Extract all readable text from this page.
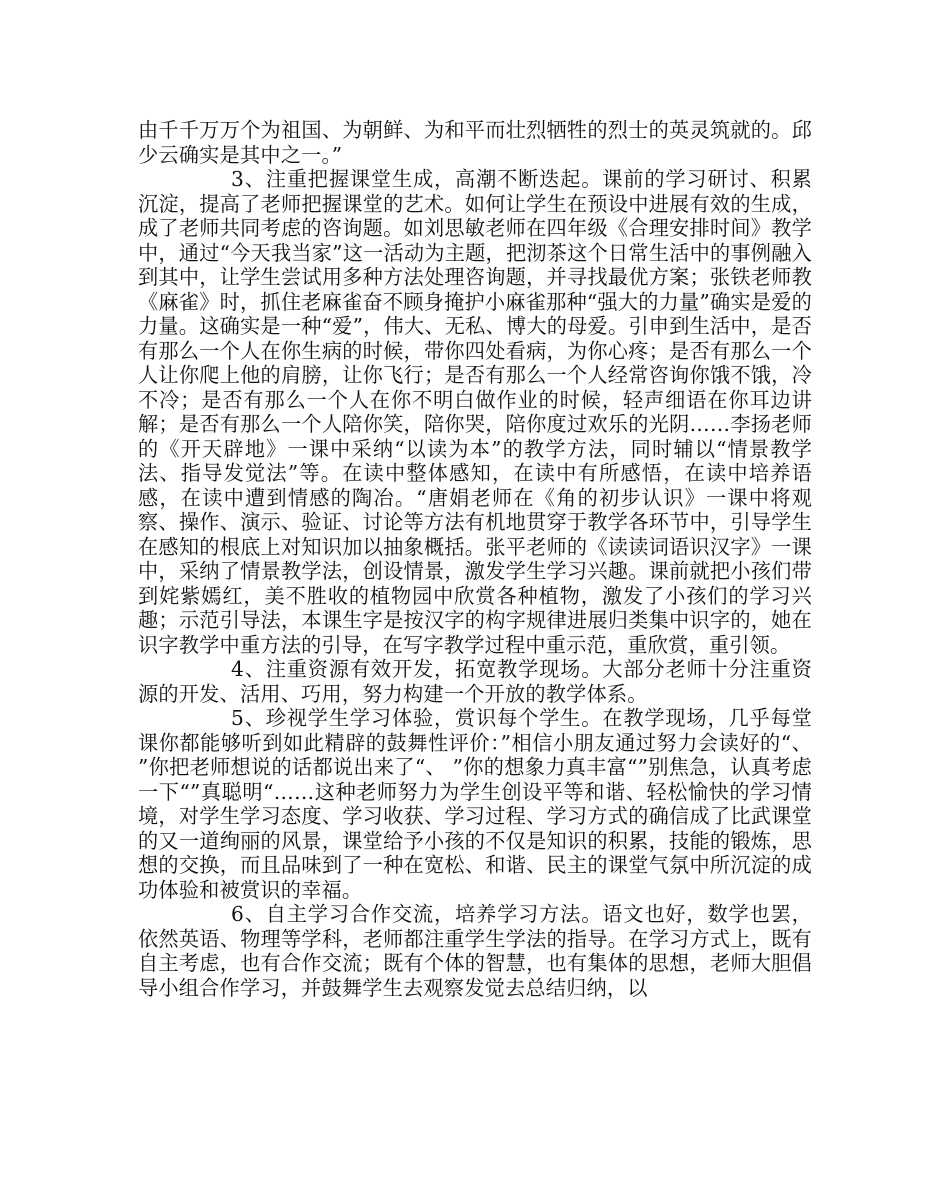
由千千万万个为祖国、为朝鲜、为和平而壮烈牺牲的烈士的英灵筑就的。邱少云确实是其中之一。”

3、注重把握课堂生成，高潮不断迭起。课前的学习研讨、积累沉淀，提高了老师把握课堂的艺术。如何让学生在预设中进展有效的生成，成了老师共同考虑的咨询题。如刘思敏老师在四年级《合理安排时间》教学中，通过“今天我当家”这一活动为主题，把沏茶这个日常生活中的事例融入到其中，让学生尝试用多种方法处理咨询题，并寻找最优方案；张铁老师教《麻雀》时，抓住老麻雀奋不顾身掩护小麻雀那种“强大的力量”确实是爱的力量。这确实是一种“爱”，伟大、无私、博大的母爱。引申到生活中，是否有那么一个人在你生病的时候，带你四处看病，为你心疼；是否有那么一个人让你爬上他的肩膀，让你飞行；是否有那么一个人经常咨询你饿不饿，冷不冷；是否有那么一个人在你不明白做作业的时候，轻声细语在你耳边讲解；是否有那么一个人陪你笑，陪你哭，陪你度过欢乐的光阴……李扬老师的《开天辟地》一课中采纳“以读为本”的教学方法，同时辅以“情景教学法、指导发觉法”等。在读中整体感知，在读中有所感悟，在读中培养语感，在读中遭到情感的陶冶。“唐娟老师在《角的初步认识》一课中将观察、操作、演示、验证、讨论等方法有机地贯穿于教学各环节中，引导学生在感知的根底上对知识加以抽象概括。张平老师的《读读词语识汉字》一课中，采纳了情景教学法，创设情景，激发学生学习兴趣。课前就把小孩们带到姹紫嫣红，美不胜收的植物园中欣赏各种植物，激发了小孩们的学习兴趣；示范引导法，本课生字是按汉字的构字规律进展归类集中识字的，她在识字教学中重方法的引导，在写字教学过程中重示范，重欣赏，重引领。

4、注重资源有效开发，拓宽教学现场。大部分老师十分注重资源的开发、活用、巧用，努力构建一个开放的教学体系。

5、珍视学生学习体验，赏识每个学生。在教学现场，几乎每堂课你都能够听到如此精辟的鼓舞性评价：”相信小朋友通过努力会读好的“、 ”你把老师想说的话都说出来了“、 ”你的想象力真丰富“”别焦急，认真考虑一下“”真聪明“……这种老师努力为学生创设平等和谐、轻松愉快的学习情境，对学生学习态度、学习收获、学习过程、学习方式的确信成了比武课堂的又一道绚丽的风景，课堂给予小孩的不仅是知识的积累，技能的锻炼，思想的交换，而且品味到了一种在宽松、和谐、民主的课堂气氛中所沉淀的成功体验和被赏识的幸福。

6、自主学习合作交流，培养学习方法。语文也好，数学也罢，依然英语、物理等学科，老师都注重学生学法的指导。在学习方式上，既有自主考虑，也有合作交流；既有个体的智慧，也有集体的思想，老师大胆倡导小组合作学习，并鼓舞学生去观察发觉去总结归纳，以
